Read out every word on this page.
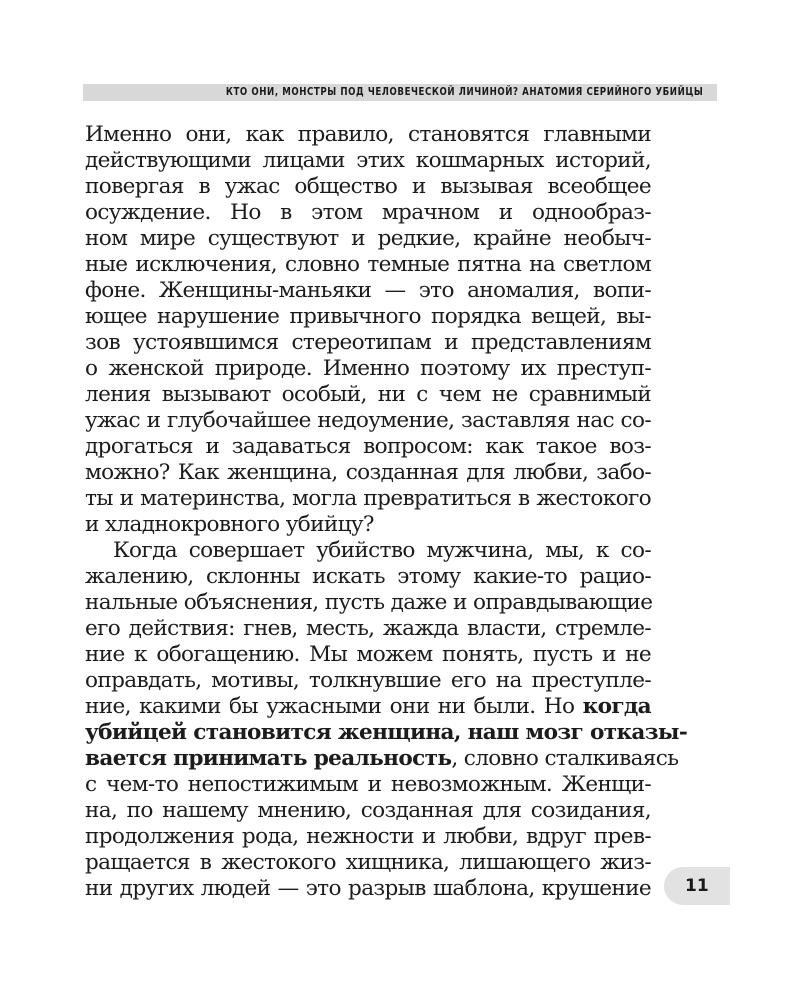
КТО ОНИ, МОНСТРЫ ПОД ЧЕЛОВЕЧЕСКОЙ ЛИЧИНОЙ? АНАТОМИЯ СЕРИЙНОГО УБИЙЦЫ
Именно они, как правило, становятся главными
действующими лицами этих кошмарных историй,
повергая в ужас общество и вызывая всеобщее
осуждение. Но в этом мрачном и однообраз-
ном мире существуют и редкие, крайне необыч-
ные исключения, словно темные пятна на светлом
фоне. Женщины-маньяки — это аномалия, вопи-
ющее нарушение привычного порядка вещей, вы-
зов устоявшимся стереотипам и представлениям
о женской природе. Именно поэтому их преступ-
ления вызывают особый, ни с чем не сравнимый
ужас и глубочайшее недоумение, заставляя нас со-
дрогаться и задаваться вопросом: как такое воз-
можно? Как женщина, созданная для любви, забо-
ты и материнства, могла превратиться в жестокого
и хладнокровного убийцу?
Когда совершает убийство мужчина, мы, к со-
жалению, склонны искать этому какие-то рацио-
нальные объяснения, пусть даже и оправдывающие
его действия: гнев, месть, жажда власти, стремле-
ние к обогащению. Мы можем понять, пусть и не
оправдать, мотивы, толкнувшие его на преступле-
ние, какими бы ужасными они ни были. Но когда
убийцей становится женщина, наш мозг отказы-
вается принимать реальность, словно сталкиваясь
с чем-то непостижимым и невозможным. Женщи-
на, по нашему мнению, созданная для созидания,
продолжения рода, нежности и любви, вдруг прев-
ращается в жестокого хищника, лишающего жиз-
ни других людей — это разрыв шаблона, крушение 11
